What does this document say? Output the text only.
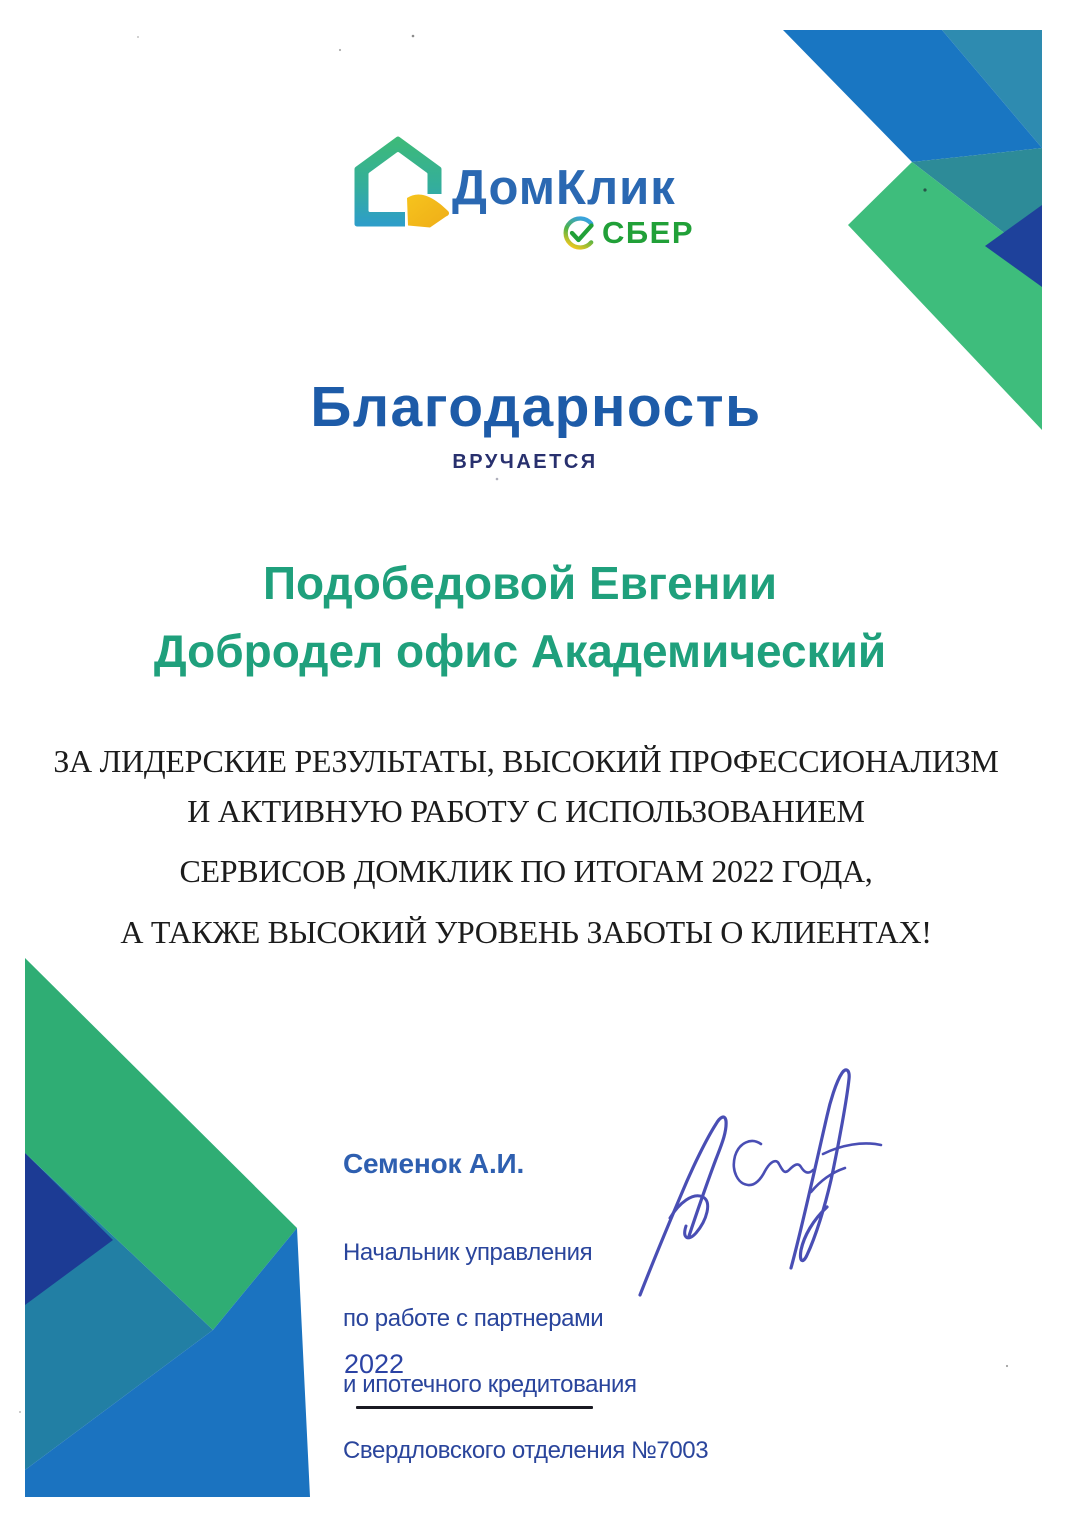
ДомКлик
СБЕР
Благодарность
ВРУЧАЕТСЯ
Подобедовой Евгении
Добродел офис Академический
ЗА ЛИДЕРСКИЕ РЕЗУЛЬТАТЫ, ВЫСОКИЙ ПРОФЕССИОНАЛИЗМ
И АКТИВНУЮ РАБОТУ С ИСПОЛЬЗОВАНИЕМ
СЕРВИСОВ ДОМКЛИК ПО ИТОГАМ 2022 ГОДА,
А ТАКЖЕ ВЫСОКИЙ УРОВЕНЬ ЗАБОТЫ О КЛИЕНТАХ!
Семенок А.И.

Начальник управления

по работе с партнерами

и ипотечного кредитования

Свердловского отделения №7003

2022
